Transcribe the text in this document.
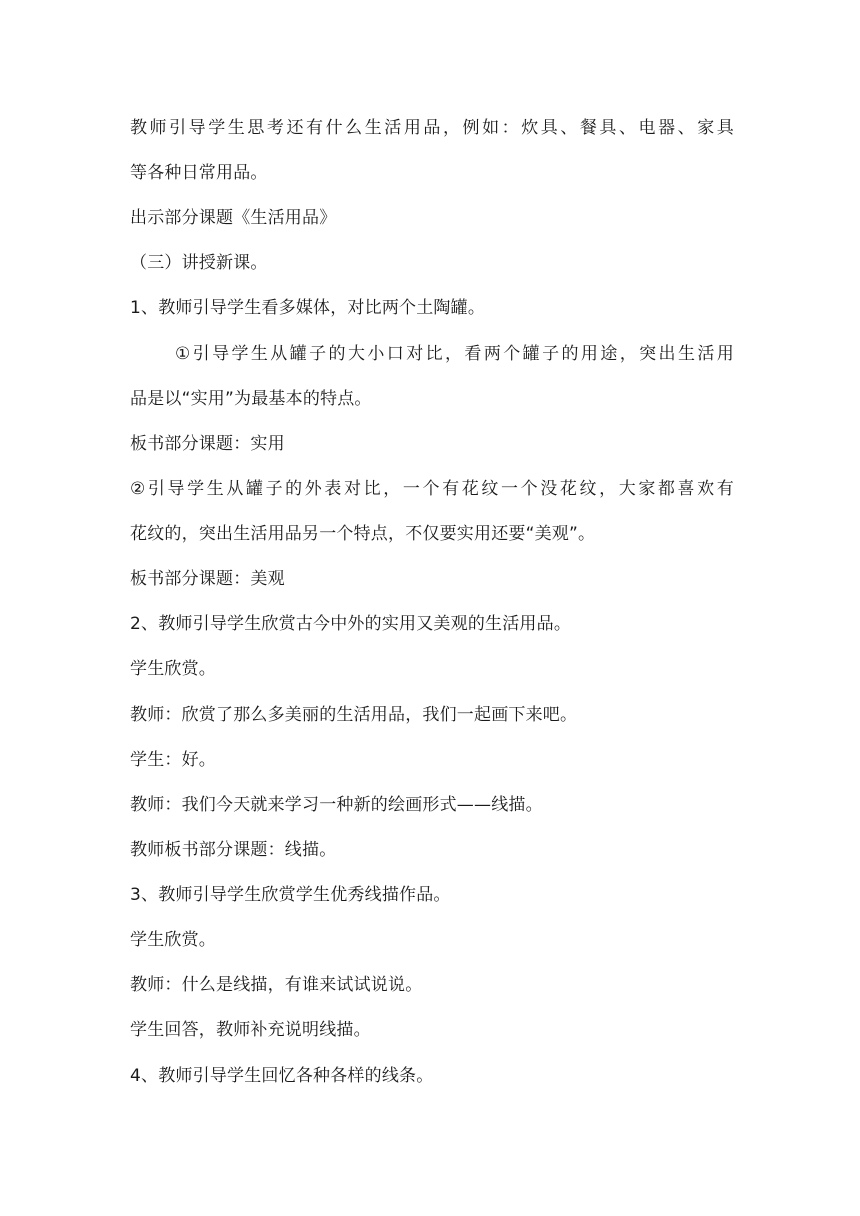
教师引导学生思考还有什么生活用品，例如：炊具、餐具、电器、家具
等各种日常用品。
出示部分课题《生活用品》
（三）讲授新课。
1、教师引导学生看多媒体，对比两个土陶罐。
①引导学生从罐子的大小口对比，看两个罐子的用途，突出生活用
品是以“实用”为最基本的特点。
板书部分课题：实用
②引导学生从罐子的外表对比，一个有花纹一个没花纹，大家都喜欢有
花纹的，突出生活用品另一个特点，不仅要实用还要“美观”。
板书部分课题：美观
2、教师引导学生欣赏古今中外的实用又美观的生活用品。
学生欣赏。
教师：欣赏了那么多美丽的生活用品，我们一起画下来吧。
学生：好。
教师：我们今天就来学习一种新的绘画形式——线描。
教师板书部分课题：线描。
3、教师引导学生欣赏学生优秀线描作品。
学生欣赏。
教师：什么是线描，有谁来试试说说。
学生回答，教师补充说明线描。
4、教师引导学生回忆各种各样的线条。
